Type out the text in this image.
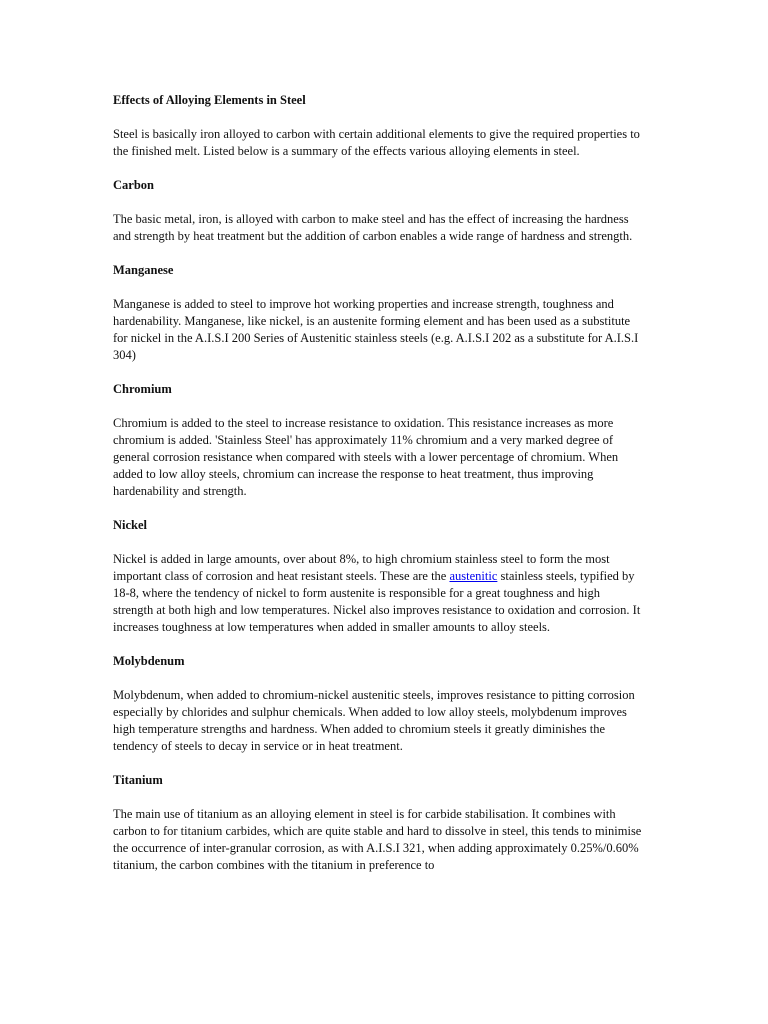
Effects of Alloying Elements in Steel

Steel is basically iron alloyed to carbon with certain additional elements to give the required properties to the finished melt. Listed below is a summary of the effects various alloying elements in steel.

Carbon

The basic metal, iron, is alloyed with carbon to make steel and has the effect of increasing the hardness and strength by heat treatment but the addition of carbon enables a wide range of hardness and strength.

Manganese

Manganese is added to steel to improve hot working properties and increase strength, toughness and hardenability. Manganese, like nickel, is an austenite forming element and has been used as a substitute for nickel in the A.I.S.I 200 Series of Austenitic stainless steels (e.g. A.I.S.I 202 as a substitute for A.I.S.I 304)

Chromium

Chromium is added to the steel to increase resistance to oxidation. This resistance increases as more chromium is added. 'Stainless Steel' has approximately 11% chromium and a very marked degree of general corrosion resistance when compared with steels with a lower percentage of chromium. When added to low alloy steels, chromium can increase the response to heat treatment, thus improving hardenability and strength.

Nickel

Nickel is added in large amounts, over about 8%, to high chromium stainless steel to form the most important class of corrosion and heat resistant steels. These are the austenitic stainless steels, typified by 18-8, where the tendency of nickel to form austenite is responsible for a great toughness and high strength at both high and low temperatures. Nickel also improves resistance to oxidation and corrosion. It increases toughness at low temperatures when added in smaller amounts to alloy steels.

Molybdenum

Molybdenum, when added to chromium-nickel austenitic steels, improves resistance to pitting corrosion especially by chlorides and sulphur chemicals. When added to low alloy steels, molybdenum improves high temperature strengths and hardness. When added to chromium steels it greatly diminishes the tendency of steels to decay in service or in heat treatment.

Titanium

The main use of titanium as an alloying element in steel is for carbide stabilisation. It combines with carbon to for titanium carbides, which are quite stable and hard to dissolve in steel, this tends to minimise the occurrence of inter-granular corrosion, as with A.I.S.I 321, when adding approximately 0.25%/0.60% titanium, the carbon combines with the titanium in preference to
